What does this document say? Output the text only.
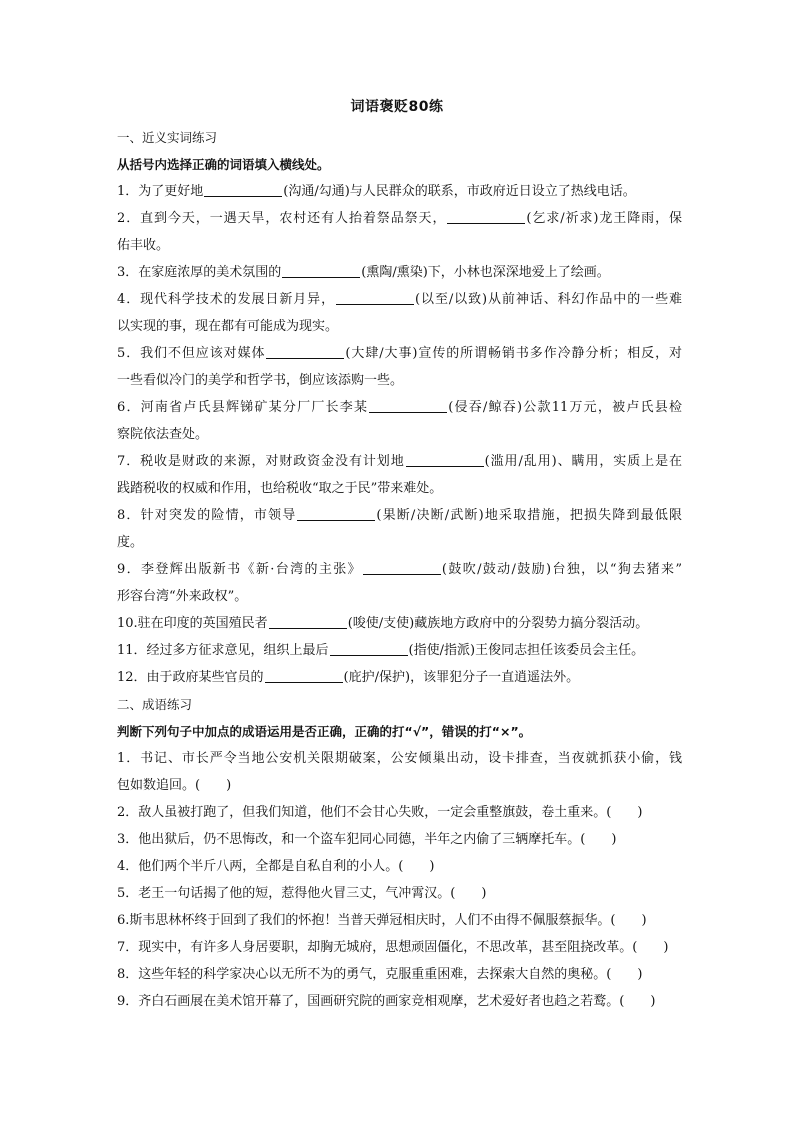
词语褒贬80练
一、近义实词练习
从括号内选择正确的词语填入横线处。
1．为了更好地	(沟通/勾通)与人民群众的联系，市政府近日设立了热线电话。
2．直到今天，一遇天旱，农村还有人抬着祭品祭天，	(乞求/祈求)龙王降雨，保
佑丰收。
3．在家庭浓厚的美术氛围的	(熏陶/熏染)下，小林也深深地爱上了绘画。
4．现代科学技术的发展日新月异，	(以至/以致)从前神话、科幻作品中的一些难
以实现的事，现在都有可能成为现实。
5．我们不但应该对媒体	(大肆/大事)宣传的所谓畅销书多作冷静分析；相反，对
一些看似冷门的美学和哲学书，倒应该添购一些。
6．河南省卢氏县辉锑矿某分厂厂长李某	(侵吞/鲸吞)公款11万元，被卢氏县检
察院依法查处。
7．税收是财政的来源，对财政资金没有计划地	(滥用/乱用)、瞒用，实质上是在
践踏税收的权威和作用，也给税收“取之于民”带来难处。
8．针对突发的险情，市领导	(果断/决断/武断)地采取措施，把损失降到最低限
度。
9．李登辉出版新书《新·台湾的主张》	(鼓吹/鼓动/鼓励)台独，以“狗去猪来”
形容台湾“外来政权”。
10.驻在印度的英国殖民者	(唆使/支使)藏族地方政府中的分裂势力搞分裂活动。
11．经过多方征求意见，组织上最后	(指使/指派)王俊同志担任该委员会主任。
12．由于政府某些官员的	(庇护/保护)，该罪犯分子一直逍遥法外。
二、成语练习
判断下列句子中加点的成语运用是否正确，正确的打“√”，错误的打“×”。
1．书记、市长严令当地公安机关限期破案，公安倾巢出动，设卡排查，当夜就抓获小偷，钱
包如数追回。(　　)
2．敌人虽被打跑了，但我们知道，他们不会甘心失败，一定会重整旗鼓，卷土重来。(　　)
3．他出狱后，仍不思悔改，和一个盗车犯同心同德，半年之内偷了三辆摩托车。(　　)
4．他们两个半斤八两，全都是自私自利的小人。(　　)
5．老王一句话揭了他的短，惹得他火冒三丈，气冲霄汉。(　　)
6.斯韦思林杯终于回到了我们的怀抱！当普天弹冠相庆时，人们不由得不佩服蔡振华。(　　)
7．现实中，有许多人身居要职，却胸无城府，思想顽固僵化，不思改革，甚至阻挠改革。(　　)
8．这些年轻的科学家决心以无所不为的勇气，克服重重困难，去探索大自然的奥秘。(　　)
9．齐白石画展在美术馆开幕了，国画研究院的画家竞相观摩，艺术爱好者也趋之若鹜。(　　)
